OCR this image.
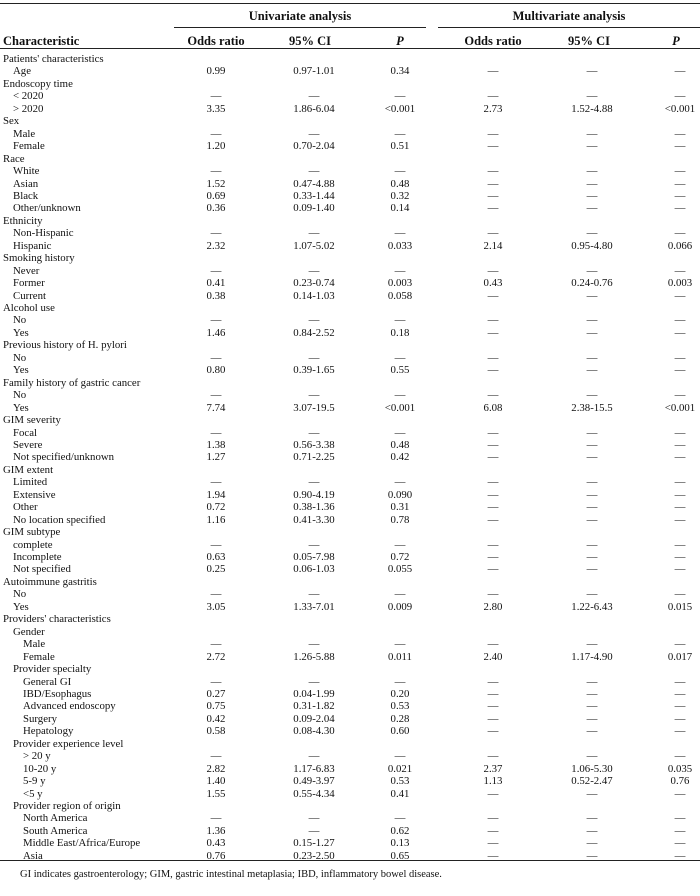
Univariate analysis	Multivariate analysis
Characteristic	Odds ratio	95% CI	P	Odds ratio	95% CI	P
Patients' characteristics
Age	0.99	0.97-1.01	0.34	—	—	—
Endoscopy time
< 2020	—	—	—	—	—	—
> 2020	3.35	1.86-6.04	<0.001	2.73	1.52-4.88	<0.001
Sex
Male	—	—	—	—	—	—
Female	1.20	0.70-2.04	0.51	—	—	—
Race
White	—	—	—	—	—	—
Asian	1.52	0.47-4.88	0.48	—	—	—
Black	0.69	0.33-1.44	0.32	—	—	—
Other/unknown	0.36	0.09-1.40	0.14	—	—	—
Ethnicity
Non-Hispanic	—	—	—	—	—	—
Hispanic	2.32	1.07-5.02	0.033	2.14	0.95-4.80	0.066
Smoking history
Never	—	—	—	—	—	—
Former	0.41	0.23-0.74	0.003	0.43	0.24-0.76	0.003
Current	0.38	0.14-1.03	0.058	—	—	—
Alcohol use
No	—	—	—	—	—	—
Yes	1.46	0.84-2.52	0.18	—	—	—
Previous history of H. pylori
No	—	—	—	—	—	—
Yes	0.80	0.39-1.65	0.55	—	—	—
Family history of gastric cancer
No	—	—	—	—	—	—
Yes	7.74	3.07-19.5	<0.001	6.08	2.38-15.5	<0.001
GIM severity
Focal	—	—	—	—	—	—
Severe	1.38	0.56-3.38	0.48	—	—	—
Not specified/unknown	1.27	0.71-2.25	0.42	—	—	—
GIM extent
Limited	—	—	—	—	—	—
Extensive	1.94	0.90-4.19	0.090	—	—	—
Other	0.72	0.38-1.36	0.31	—	—	—
No location specified	1.16	0.41-3.30	0.78	—	—	—
GIM subtype
complete	—	—	—	—	—	—
Incomplete	0.63	0.05-7.98	0.72	—	—	—
Not specified	0.25	0.06-1.03	0.055	—	—	—
Autoimmune gastritis
No	—	—	—	—	—	—
Yes	3.05	1.33-7.01	0.009	2.80	1.22-6.43	0.015
Providers' characteristics
Gender
Male	—	—	—	—	—	—
Female	2.72	1.26-5.88	0.011	2.40	1.17-4.90	0.017
Provider specialty
General GI	—	—	—	—	—	—
IBD/Esophagus	0.27	0.04-1.99	0.20	—	—	—
Advanced endoscopy	0.75	0.31-1.82	0.53	—	—	—
Surgery	0.42	0.09-2.04	0.28	—	—	—
Hepatology	0.58	0.08-4.30	0.60	—	—	—
Provider experience level
> 20 y	—	—	—	—	—	—
10-20 y	2.82	1.17-6.83	0.021	2.37	1.06-5.30	0.035
5-9 y	1.40	0.49-3.97	0.53	1.13	0.52-2.47	0.76
<5 y	1.55	0.55-4.34	0.41	—	—	—
Provider region of origin
North America	—	—	—	—	—	—
South America	1.36	—	0.62	—	—	—
Middle East/Africa/Europe	0.43	0.15-1.27	0.13	—	—	—
Asia	0.76	0.23-2.50	0.65	—	—	—
GI indicates gastroenterology; GIM, gastric intestinal metaplasia; IBD, inflammatory bowel disease.
